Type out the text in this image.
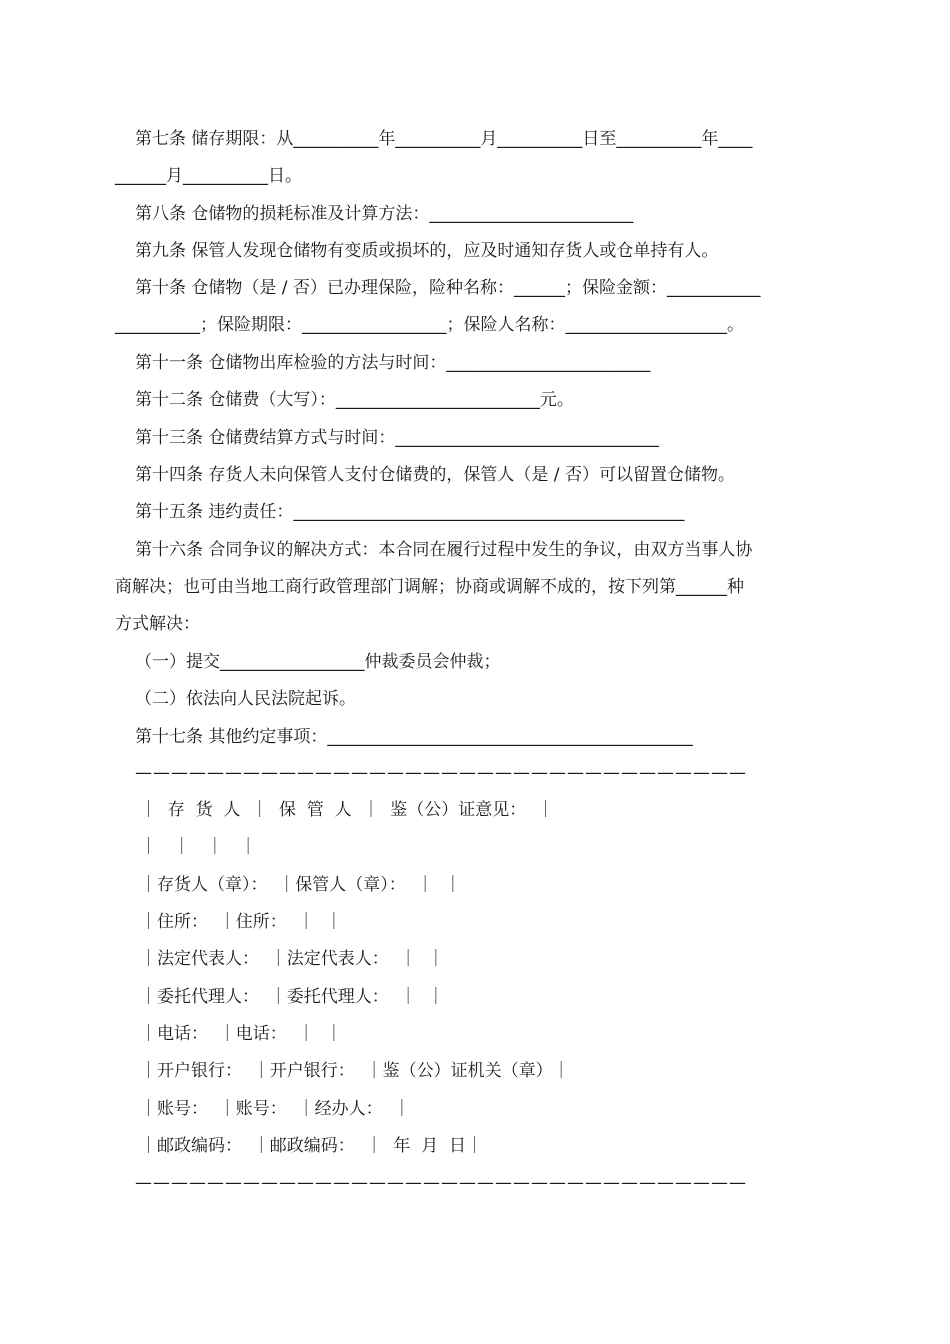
第七条 储存期限：从__________年__________月__________日至__________年____
______月__________日。
第八条 仓储物的损耗标准及计算方法：________________________
第九条 保管人发现仓储物有变质或损坏的，应及时通知存货人或仓单持有人。
第十条 仓储物（是 / 否）已办理保险，险种名称：______；保险金额：___________
__________；保险期限：_________________；保险人名称：___________________。
第十一条 仓储物出库检验的方法与时间：________________________
第十二条 仓储费（大写）：________________________元。
第十三条 仓储费结算方式与时间：_______________________________
第十四条 存货人未向保管人支付仓储费的，保管人（是 / 否）可以留置仓储物。
第十五条 违约责任：______________________________________________
第十六条 合同争议的解决方式：本合同在履行过程中发生的争议，由双方当事人协
商解决；也可由当地工商行政管理部门调解；协商或调解不成的，按下列第______种
方式解决：
（一）提交_________________仲裁委员会仲裁；
（二）依法向人民法院起诉。
第十七条 其他约定事项：___________________________________________
——————————————————————————————————
｜  存  货  人  ｜  保  管  人  ｜  鉴（公）证意见：  ｜
｜   ｜   ｜   ｜
｜存货人（章）：  ｜保管人（章）：  ｜  ｜
｜住所：  ｜住所：  ｜  ｜
｜法定代表人：  ｜法定代表人：  ｜  ｜
｜委托代理人：  ｜委托代理人：  ｜  ｜
｜电话：  ｜电话：  ｜  ｜
｜开户银行：  ｜开户银行：  ｜鉴（公）证机关（章）｜
｜账号：  ｜账号：  ｜经办人：  ｜
｜邮政编码：  ｜邮政编码：  ｜  年  月  日｜
——————————————————————————————————
